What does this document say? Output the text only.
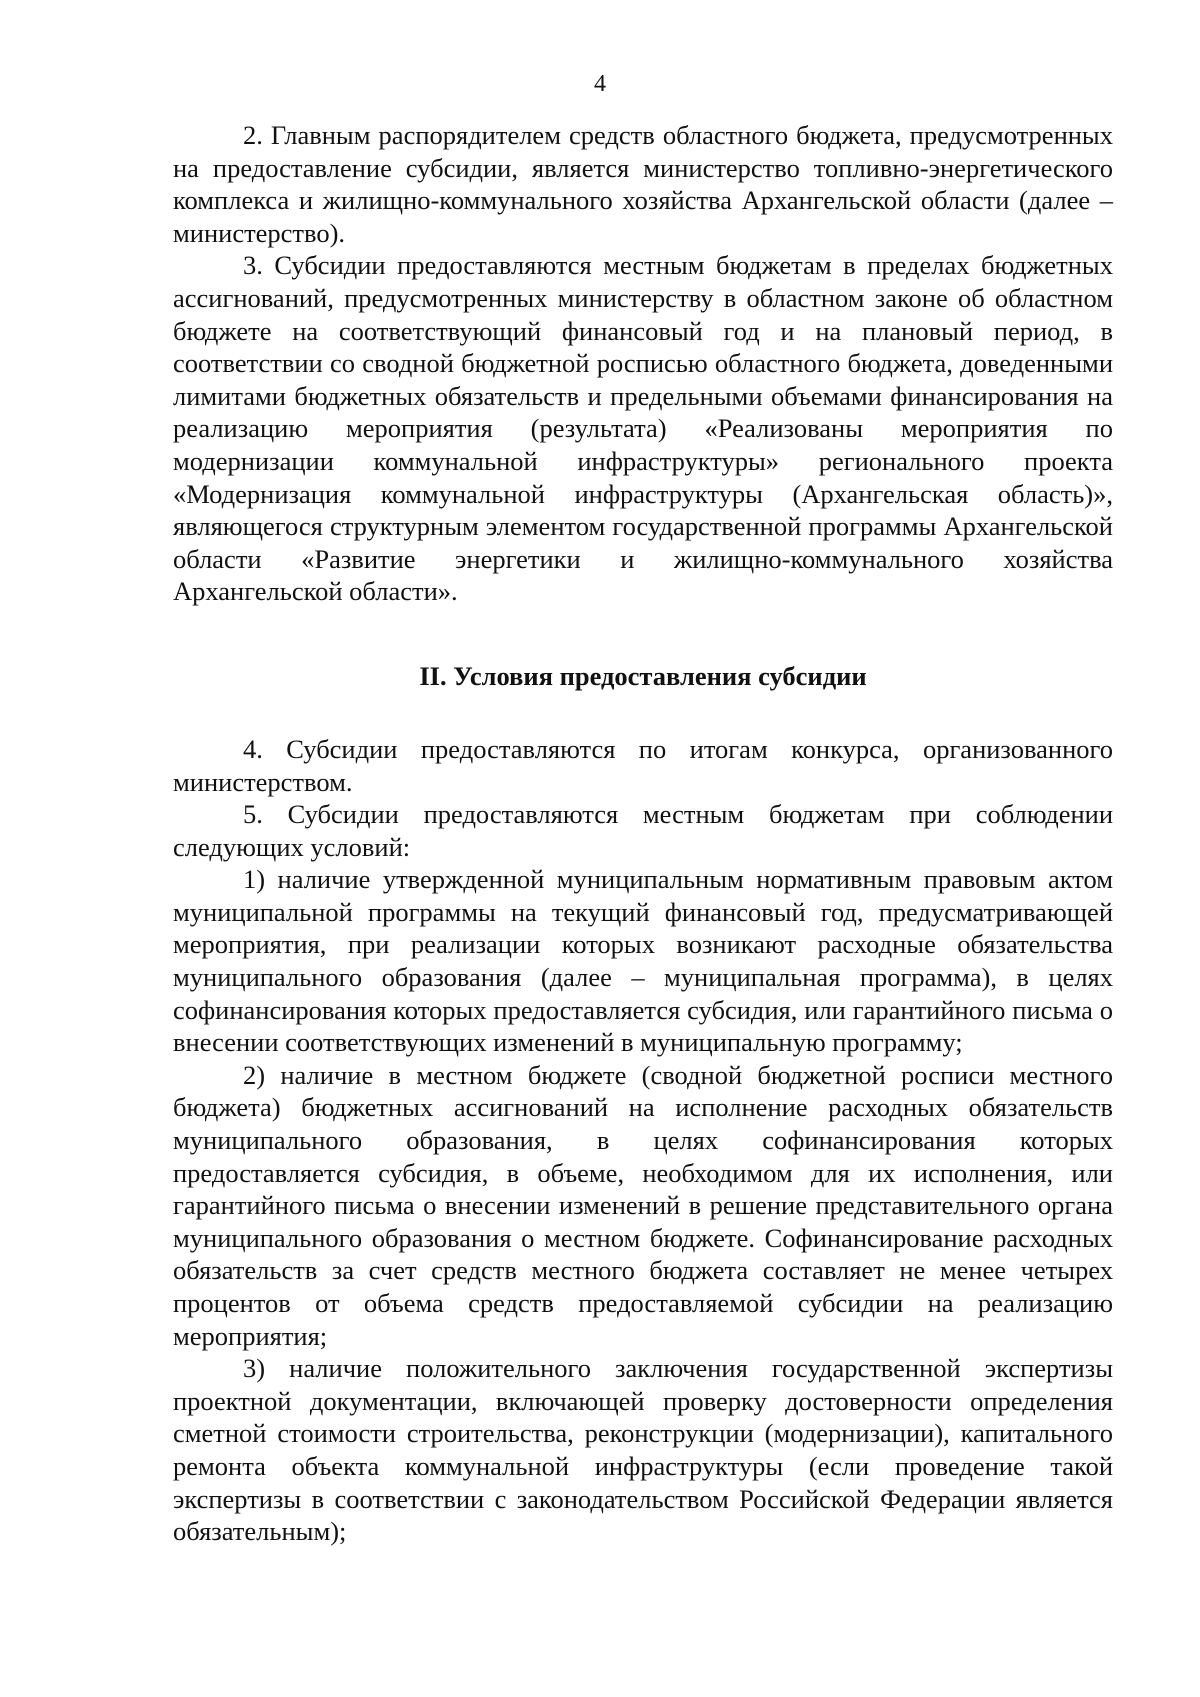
4

2. Главным распорядителем средств областного бюджета, предусмотренных на предоставление субсидии, является министерство топливно-энергетического комплекса и жилищно-коммунального хозяйства Архангельской области (далее – министерство).

3. Субсидии предоставляются местным бюджетам в пределах бюджетных ассигнований, предусмотренных министерству в областном законе об областном бюджете на соответствующий финансовый год и на плановый период, в соответствии со сводной бюджетной росписью областного бюджета, доведенными лимитами бюджетных обязательств и предельными объемами финансирования на реализацию мероприятия (результата) «Реализованы мероприятия по модернизации коммунальной инфраструктуры» регионального проекта «Модернизация коммунальной инфраструктуры (Архангельская область)», являющегося структурным элементом государственной программы Архангельской области «Развитие энергетики и жилищно-коммунального хозяйства Архангельской области».

II. Условия предоставления субсидии

4. Субсидии предоставляются по итогам конкурса, организованного министерством.

5. Субсидии предоставляются местным бюджетам при соблюдении следующих условий:

1) наличие утвержденной муниципальным нормативным правовым актом муниципальной программы на текущий финансовый год, предусматривающей мероприятия, при реализации которых возникают расходные обязательства муниципального образования (далее – муниципальная программа), в целях софинансирования которых предоставляется субсидия, или гарантийного письма о внесении соответствующих изменений в муниципальную программу;

2) наличие в местном бюджете (сводной бюджетной росписи местного бюджета) бюджетных ассигнований на исполнение расходных обязательств муниципального образования, в целях софинансирования которых предоставляется субсидия, в объеме, необходимом для их исполнения, или гарантийного письма о внесении изменений в решение представительного органа муниципального образования о местном бюджете. Софинансирование расходных обязательств за счет средств местного бюджета составляет не менее четырех процентов от объема средств предоставляемой субсидии на реализацию мероприятия;

3) наличие положительного заключения государственной экспертизы проектной документации, включающей проверку достоверности определения сметной стоимости строительства, реконструкции (модернизации), капитального ремонта объекта коммунальной инфраструктуры (если проведение такой экспертизы в соответствии с законодательством Российской Федерации является обязательным);
